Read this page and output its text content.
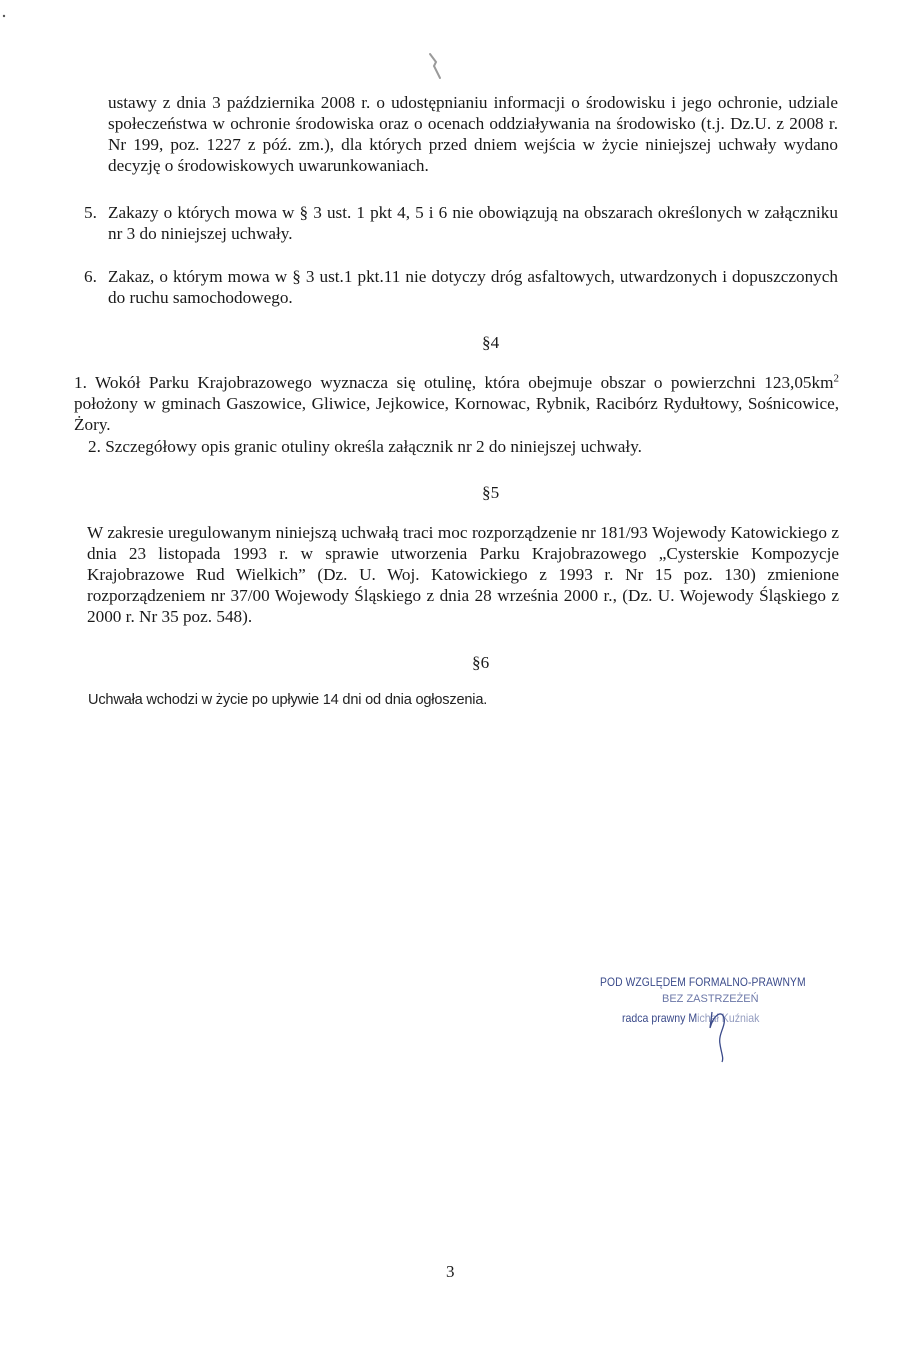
ustawy z dnia 3 października 2008 r. o udostępnianiu informacji o środowisku i jego ochronie, udziale społeczeństwa w ochronie środowiska oraz o ocenach oddziaływania na środowisko (t.j. Dz.U. z 2008 r. Nr 199, poz. 1227 z póź. zm.), dla których przed dniem wejścia w życie niniejszej uchwały wydano decyzję o środowiskowych uwarunkowaniach.

5. Zakazy o których mowa w § 3 ust. 1 pkt 4, 5 i 6 nie obowiązują na obszarach określonych w załączniku nr 3 do niniejszej uchwały.
6. Zakaz, o którym mowa w § 3 ust.1 pkt.11 nie dotyczy dróg asfaltowych, utwardzonych i dopuszczonych do ruchu samochodowego.
§4

1. Wokół Parku Krajobrazowego wyznacza się otulinę, która obejmuje obszar o powierzchni $123,05km^2$ położony w gminach Gaszowice, Gliwice, Jejkowice, Kornowac, Rybnik, Racibórz Rydułtowy, Sośnicowice, Żory.

2. Szczegółowy opis granic otuliny określa załącznik nr 2 do niniejszej uchwały.

§5

W zakresie uregulowanym niniejszą uchwałą traci moc rozporządzenie nr 181/93 Wojewody Katowickiego z dnia 23 listopada 1993 r. w sprawie utworzenia Parku Krajobrazowego „Cysterskie Kompozycje Krajobrazowe Rud Wielkich” (Dz. U. Woj. Katowickiego z 1993 r. Nr 15 poz. 130) zmienione rozporządzeniem nr 37/00 Wojewody Śląskiego z dnia 28 września 2000 r., (Dz. U. Wojewody Śląskiego z 2000 r. Nr 35 poz. 548).

§6
Uchwała wchodzi w życie po upływie 14 dni od dnia ogłoszenia.
POD WZGLĘDEM FORMALNO-PRAWNYM
BEZ ZASTRZEŻEŃ
radca prawny Michał Kuźniak
3
